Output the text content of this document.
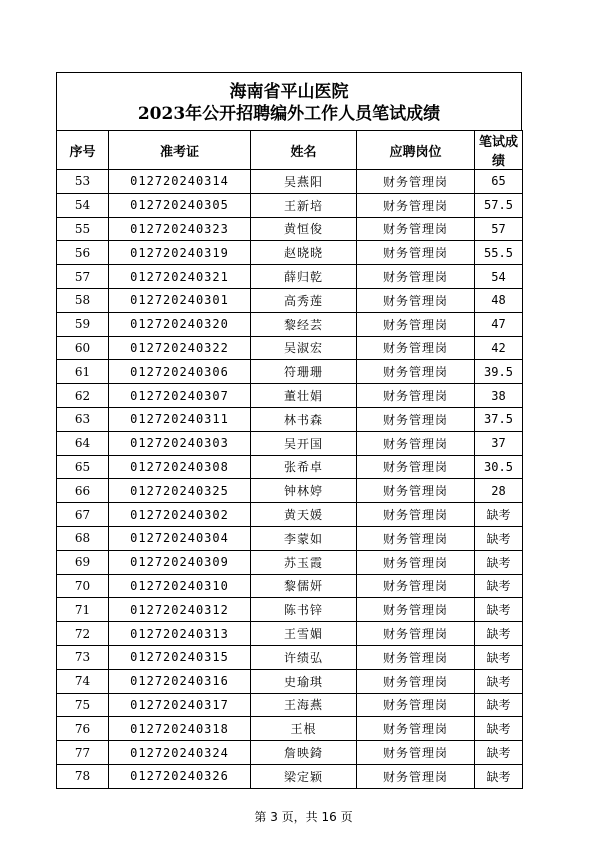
海南省平山医院
2023年公开招聘编外工作人员笔试成绩
序号	准考证	姓名	应聘岗位	笔试成绩
53	012720240314	吴燕阳	财务管理岗	65
54	012720240305	王新培	财务管理岗	57.5
55	012720240323	黄恒俊	财务管理岗	57
56	012720240319	赵晓晓	财务管理岗	55.5
57	012720240321	薛归乾	财务管理岗	54
58	012720240301	高秀莲	财务管理岗	48
59	012720240320	黎经芸	财务管理岗	47
60	012720240322	吴淑宏	财务管理岗	42
61	012720240306	符珊珊	财务管理岗	39.5
62	012720240307	董壮娟	财务管理岗	38
63	012720240311	林书森	财务管理岗	37.5
64	012720240303	吴开国	财务管理岗	37
65	012720240308	张希卓	财务管理岗	30.5
66	012720240325	钟林婷	财务管理岗	28
67	012720240302	黄天媛	财务管理岗	缺考
68	012720240304	李蒙如	财务管理岗	缺考
69	012720240309	苏玉霞	财务管理岗	缺考
70	012720240310	黎儒妍	财务管理岗	缺考
71	012720240312	陈书锌	财务管理岗	缺考
72	012720240313	王雪媚	财务管理岗	缺考
73	012720240315	许绩弘	财务管理岗	缺考
74	012720240316	史瑜琪	财务管理岗	缺考
75	012720240317	王海燕	财务管理岗	缺考
76	012720240318	王根	财务管理岗	缺考
77	012720240324	詹映錡	财务管理岗	缺考
78	012720240326	梁定颖	财务管理岗	缺考
第 3 页，共 16 页
